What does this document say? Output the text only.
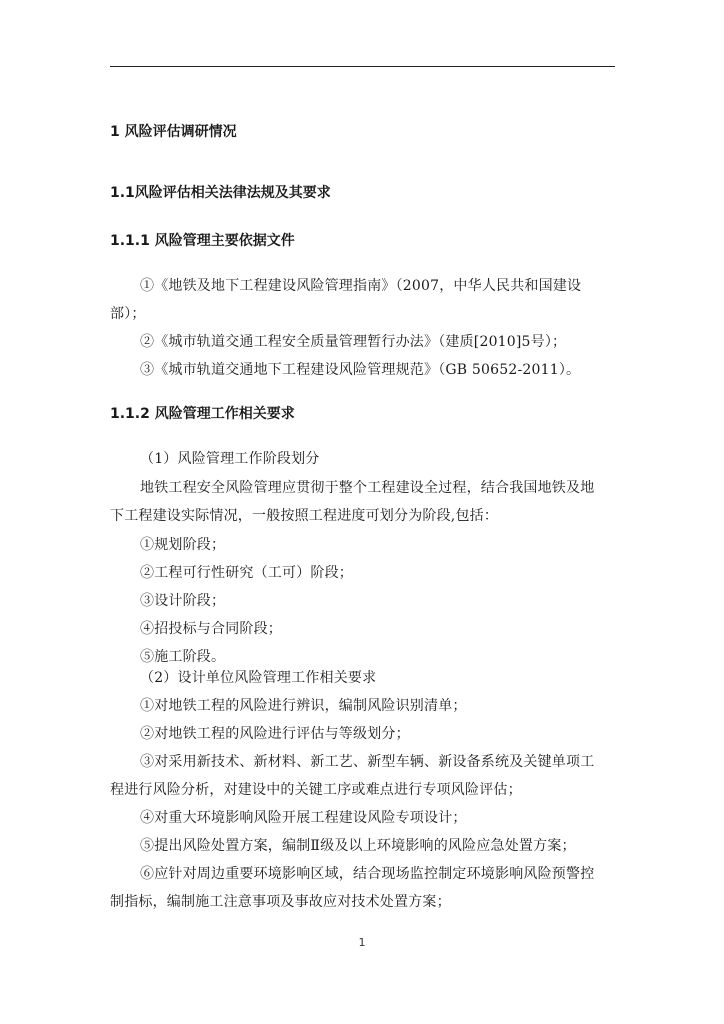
1 风险评估调研情况
1.1风险评估相关法律法规及其要求
1.1.1 风险管理主要依据文件
①《地铁及地下工程建设风险管理指南》（2007，中华人民共和国建设
部）；
②《城市轨道交通工程安全质量管理暂行办法》（建质[2010]5号）；
③《城市轨道交通地下工程建设风险管理规范》（GB 50652-2011）。
1.1.2 风险管理工作相关要求
（1）风险管理工作阶段划分
地铁工程安全风险管理应贯彻于整个工程建设全过程，结合我国地铁及地
下工程建设实际情况，一般按照工程进度可划分为阶段,包括：
①规划阶段；
②工程可行性研究（工可）阶段；
③设计阶段；
④招投标与合同阶段；
⑤施工阶段。
（2）设计单位风险管理工作相关要求
①对地铁工程的风险进行辨识，编制风险识别清单；
②对地铁工程的风险进行评估与等级划分；
③对采用新技术、新材料、新工艺、新型车辆、新设备系统及关键单项工
程进行风险分析，对建设中的关键工序或难点进行专项风险评估；
④对重大环境影响风险开展工程建设风险专项设计；
⑤提出风险处置方案，编制Ⅱ级及以上环境影响的风险应急处置方案；
⑥应针对周边重要环境影响区域，结合现场监控制定环境影响风险预警控
制指标，编制施工注意事项及事故应对技术处置方案；
1
